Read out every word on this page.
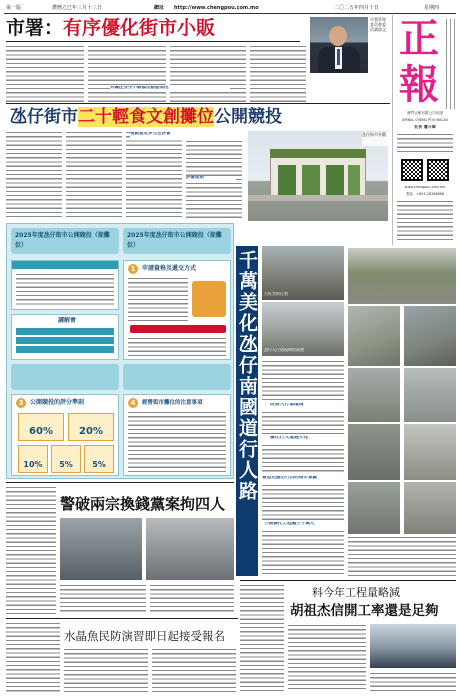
第一版	農曆乙巳年三月十三日	網址 http://www.chengpou.com.mo	二〇二五年四月十日	星期四
市署：有序優化街市小販
有關注丟空小販檔位動態情況
市署管理委員會委員譚偉文 正
報
澳門正報有限公司出版
JORNAL CHENG POU MACAU
社長 瓊斗華
www.chengpou.com.mo
電話：+853-28398888
氹仔街市二十輕食文創攤位公開競投
視創意及多元性評審
評審原則
氹仔街市外觀
2025年度氹仔街市公開競投（提攤位）
2025年度氹仔街市公開競投（提攤位）
1	申請資格及遞交方式
講解會
3	公開競投的評分準則
60%	20%
10%	5%	5%
4	經營街市攤位的注意事項	千萬美化氹仔南國道行人路 大旺宮的位置
氹仔人行道現時的面貌
改善人行道環境
優化行人道過天花
營造完整出行出的城市景觀
三期優化工程處三千萬元
警破兩宗換錢黨案拘四人
水晶魚民防演習即日起接受報名
料今年工程量略減
胡祖杰信開工率還是足夠
